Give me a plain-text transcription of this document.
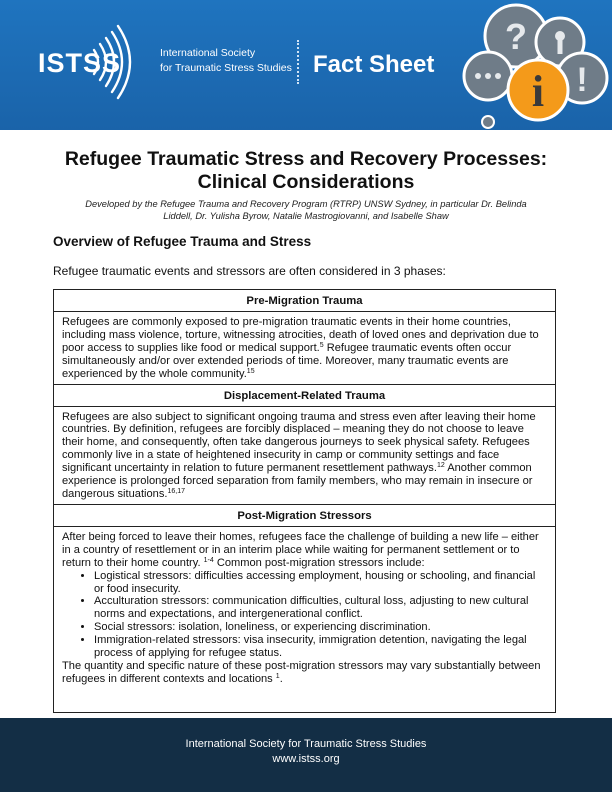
ISTSS	International Society
for Traumatic Stress Studies Fact Sheet
?
!
i
Refugee Traumatic Stress and Recovery Processes:
Clinical Considerations
Developed by the Refugee Trauma and Recovery Program (RTRP) UNSW Sydney, in particular Dr. Belinda
Liddell, Dr. Yulisha Byrow, Natalie Mastrogiovanni, and Isabelle Shaw
Overview of Refugee Trauma and Stress
Refugee traumatic events and stressors are often considered in 3 phases:
Pre-Migration Trauma

Refugees are commonly exposed to pre-migration traumatic events in their home countries, including mass violence, torture, witnessing atrocities, death of loved ones and deprivation due to poor access to supplies like food or medical support.$^5$ Refugee traumatic events often occur simultaneously and/or over extended periods of time. Moreover, many traumatic events are experienced by the whole community.$^{15}$

Displacement-Related Trauma

Refugees are also subject to significant ongoing trauma and stress even after leaving their home countries. By definition, refugees are forcibly displaced – meaning they do not choose to leave their home, and consequently, often take dangerous journeys to seek physical safety. Refugees commonly live in a state of heightened insecurity in camp or community settings and face significant uncertainty in relation to future permanent resettlement pathways.$^{12}$ Another common experience is prolonged forced separation from family members, who may remain in insecure or dangerous situations.$^{16,17}$

Post-Migration Stressors

After being forced to leave their homes, refugees face the challenge of building a new life – either in a country of resettlement or in an interim place while waiting for permanent settlement or to return to their home country. $^{1-4}$ Common post-migration stressors include:

• Logistical stressors: difficulties accessing employment, housing or schooling, and financial or food insecurity.
• Acculturation stressors: communication difficulties, cultural loss, adjusting to new cultural norms and expectations, and intergenerational conflict.
• Social stressors: isolation, loneliness, or experiencing discrimination.
• Immigration-related stressors: visa insecurity, immigration detention, navigating the legal process of applying for refugee status.

The quantity and specific nature of these post-migration stressors may vary substantially between refugees in different contexts and locations $^1$.

International Society for Traumatic Stress Studies
www.istss.org
